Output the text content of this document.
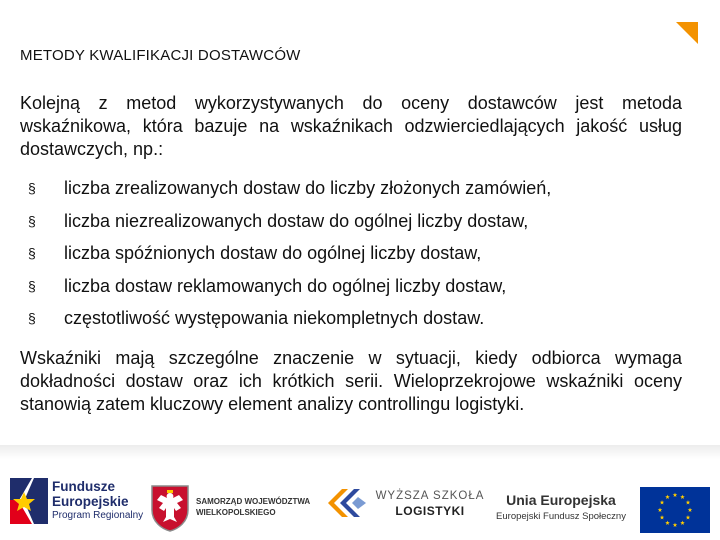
METODY KWALIFIKACJI DOSTAWCÓW
Kolejną z metod wykorzystywanych do oceny dostawców jest metoda wskaźnikowa, która bazuje na wskaźnikach odzwierciedlających jakość usług dostawczych, np.:
§	liczba zrealizowanych dostaw do liczby złożonych zamówień,
§	liczba niezrealizowanych dostaw do ogólnej liczby dostaw,
§	liczba spóźnionych dostaw do ogólnej liczby dostaw,
§	liczba dostaw reklamowanych do ogólnej liczby dostaw,
§	częstotliwość występowania niekompletnych dostaw.
Wskaźniki mają szczególne znaczenie w sytuacji, kiedy odbiorca wymaga dokładności dostaw oraz ich krótkich serii. Wieloprzekrojowe wskaźniki oceny stanowią zatem kluczowy element analizy controllingu logistyki.
Fundusze
Europejskie
Program Regionalny
SAMORZĄD WOJEWÓDZTWA
WIELKOPOLSKIEGO
WYŻSZA SZKOŁA
LOGISTYKI
Unia Europejska
Europejski Fundusz Społeczny
